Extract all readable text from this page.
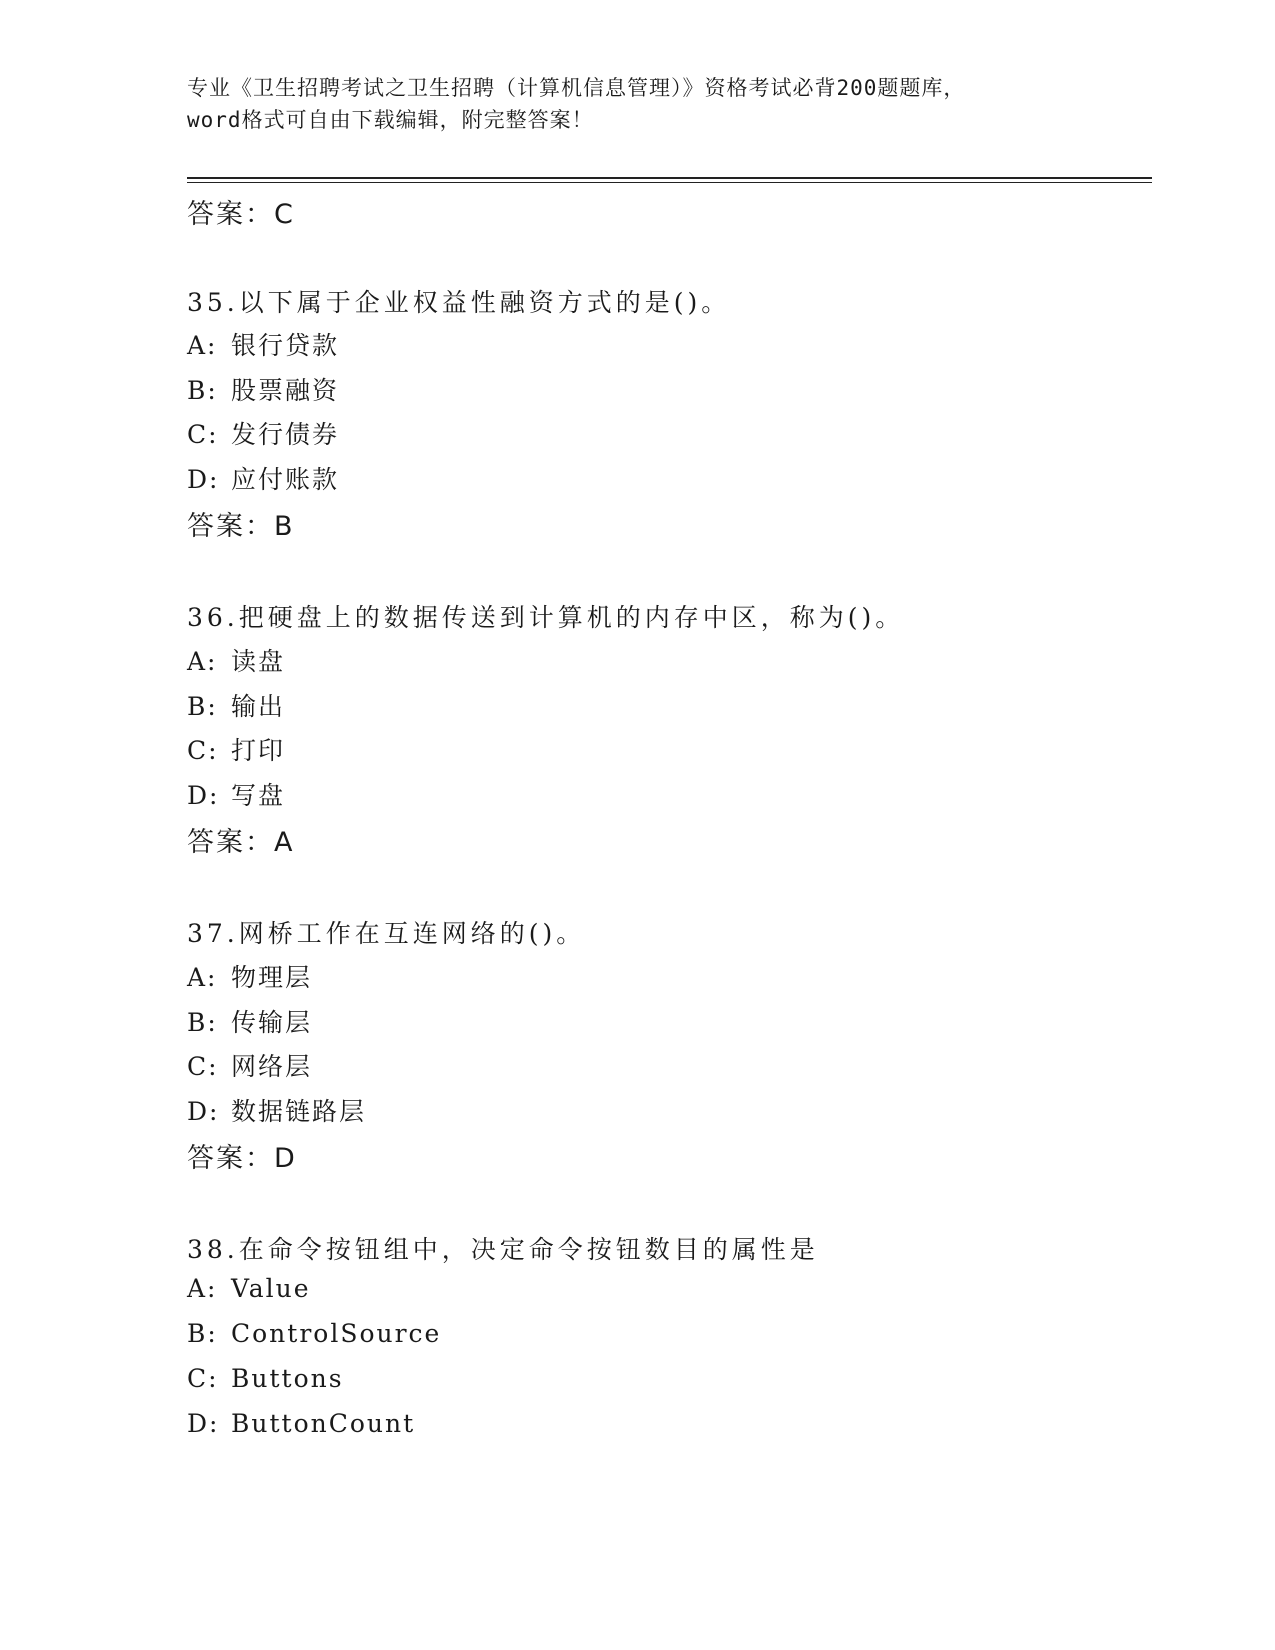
专业《卫生招聘考试之卫生招聘（计算机信息管理）》资格考试必背200题题库，
word格式可自由下载编辑，附完整答案！
答案：C
35.以下属于企业权益性融资方式的是()。
A: 银行贷款
B: 股票融资
C: 发行债券
D: 应付账款
答案：B
36.把硬盘上的数据传送到计算机的内存中区，称为()。
A: 读盘
B: 输出
C: 打印
D: 写盘
答案：A
37.网桥工作在互连网络的()。
A: 物理层
B: 传输层
C: 网络层
D: 数据链路层
答案：D
38.在命令按钮组中，决定命令按钮数目的属性是
A: Value
B: ControlSource
C: Buttons
D: ButtonCount
